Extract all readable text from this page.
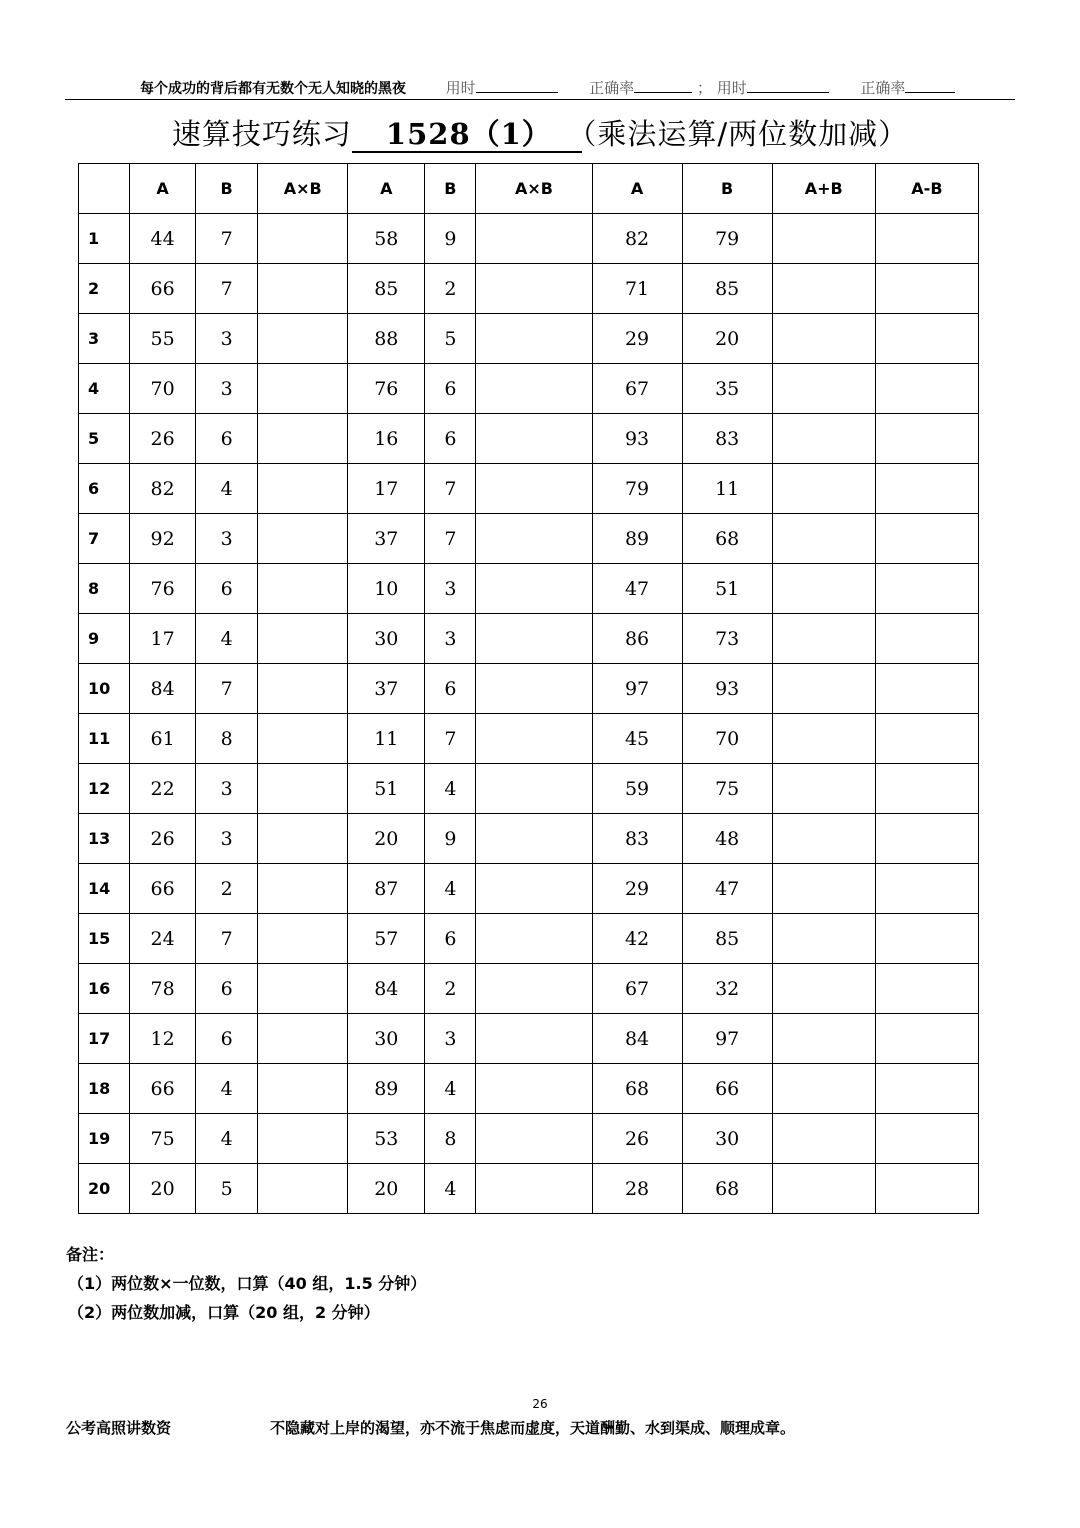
每个成功的背后都有无数个无人知晓的黑夜	用时	正确率	； 用时	正确率
速算技巧练习 1528（1） （乘法运算/两位数加减）
	A	B	A×B	A	B	A×B	A	B	A+B	A-B
1	44	7		58	9		82	79		
2	66	7		85	2		71	85		
3	55	3		88	5		29	20		
4	70	3		76	6		67	35		
5	26	6		16	6		93	83		
6	82	4		17	7		79	11		
7	92	3		37	7		89	68		
8	76	6		10	3		47	51		
9	17	4		30	3		86	73		
10	84	7		37	6		97	93		
11	61	8		11	7		45	70		
12	22	3		51	4		59	75		
13	26	3		20	9		83	48		
14	66	2		87	4		29	47		
15	24	7		57	6		42	85		
16	78	6		84	2		67	32		
17	12	6		30	3		84	97		
18	66	4		89	4		68	66		
19	75	4		53	8		26	30		
20	20	5		20	4		28	68		
备注：
（1）两位数×一位数，口算（40 组，1.5 分钟）
（2）两位数加减，口算（20 组，2 分钟）
26
公考高照讲数资	不隐藏对上岸的渴望，亦不流于焦虑而虚度，天道酬勤、水到渠成、顺理成章。
